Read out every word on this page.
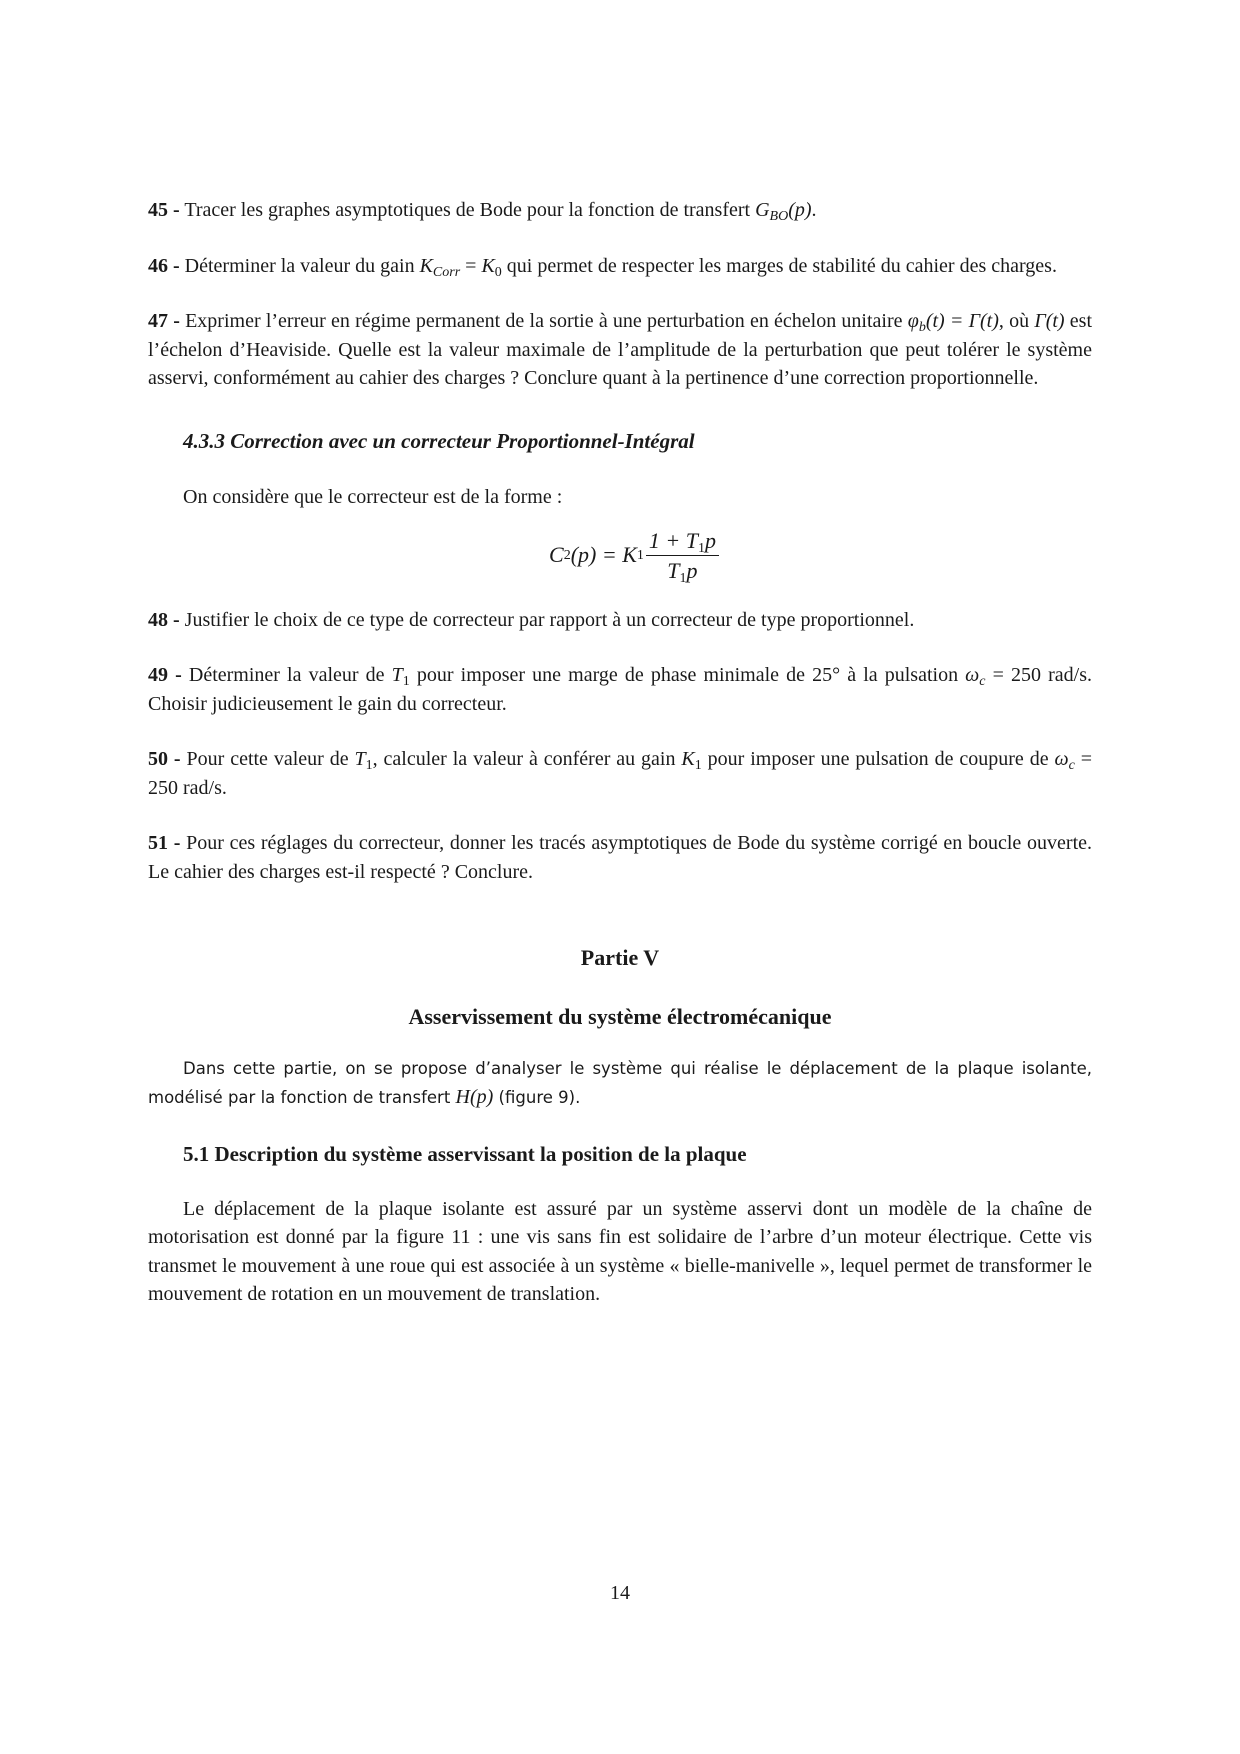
45 - Tracer les graphes asymptotiques de Bode pour la fonction de transfert $G_{BO}(p)$.

46 - Déterminer la valeur du gain $K_{Corr} = K_0$ qui permet de respecter les marges de stabilité du cahier des charges.

47 - Exprimer l’erreur en régime permanent de la sortie à une perturbation en échelon unitaire $\varphi_b(t) = \Gamma(t)$, où Γ(t) est l’échelon d’Heaviside. Quelle est la valeur maximale de l’amplitude de la perturbation que peut tolérer le système asservi, conformément au cahier des charges ? Conclure quant à la pertinence d’une correction proportionnelle.

4.3.3 Correction avec un correcteur Proportionnel-Intégral

On considère que le correcteur est de la forme :

C 2 (p) = K $1 \frac{1 + T_1p}{T_1p}$

48 - Justifier le choix de ce type de correcteur par rapport à un correcteur de type proportionnel.

49 - Déterminer la valeur de $T_1$ pour imposer une marge de phase minimale de 25° à la pulsation $\omega_c = 250$ rad/s. Choisir judicieusement le gain du correcteur.

50 - Pour cette valeur de $T_1$, calculer la valeur à conférer au gain $K_1$ pour imposer une pulsation de coupure de $\omega_c = 250$ rad/s.

51 - Pour ces réglages du correcteur, donner les tracés asymptotiques de Bode du système corrigé en boucle ouverte. Le cahier des charges est-il respecté ? Conclure.

Partie V
Asservissement du système électromécanique

Dans cette partie, on se propose d’analyser le système qui réalise le déplacement de la plaque isolante, modélisé par la fonction de transfert H(p) (figure 9).

5.1 Description du système asservissant la position de la plaque

Le déplacement de la plaque isolante est assuré par un système asservi dont un modèle de la chaîne de motorisation est donné par la figure 11 : une vis sans fin est solidaire de l’arbre d’un moteur électrique. Cette vis transmet le mouvement à une roue qui est associée à un système « bielle-manivelle », lequel permet de transformer le mouvement de rotation en un mouvement de translation.

14
